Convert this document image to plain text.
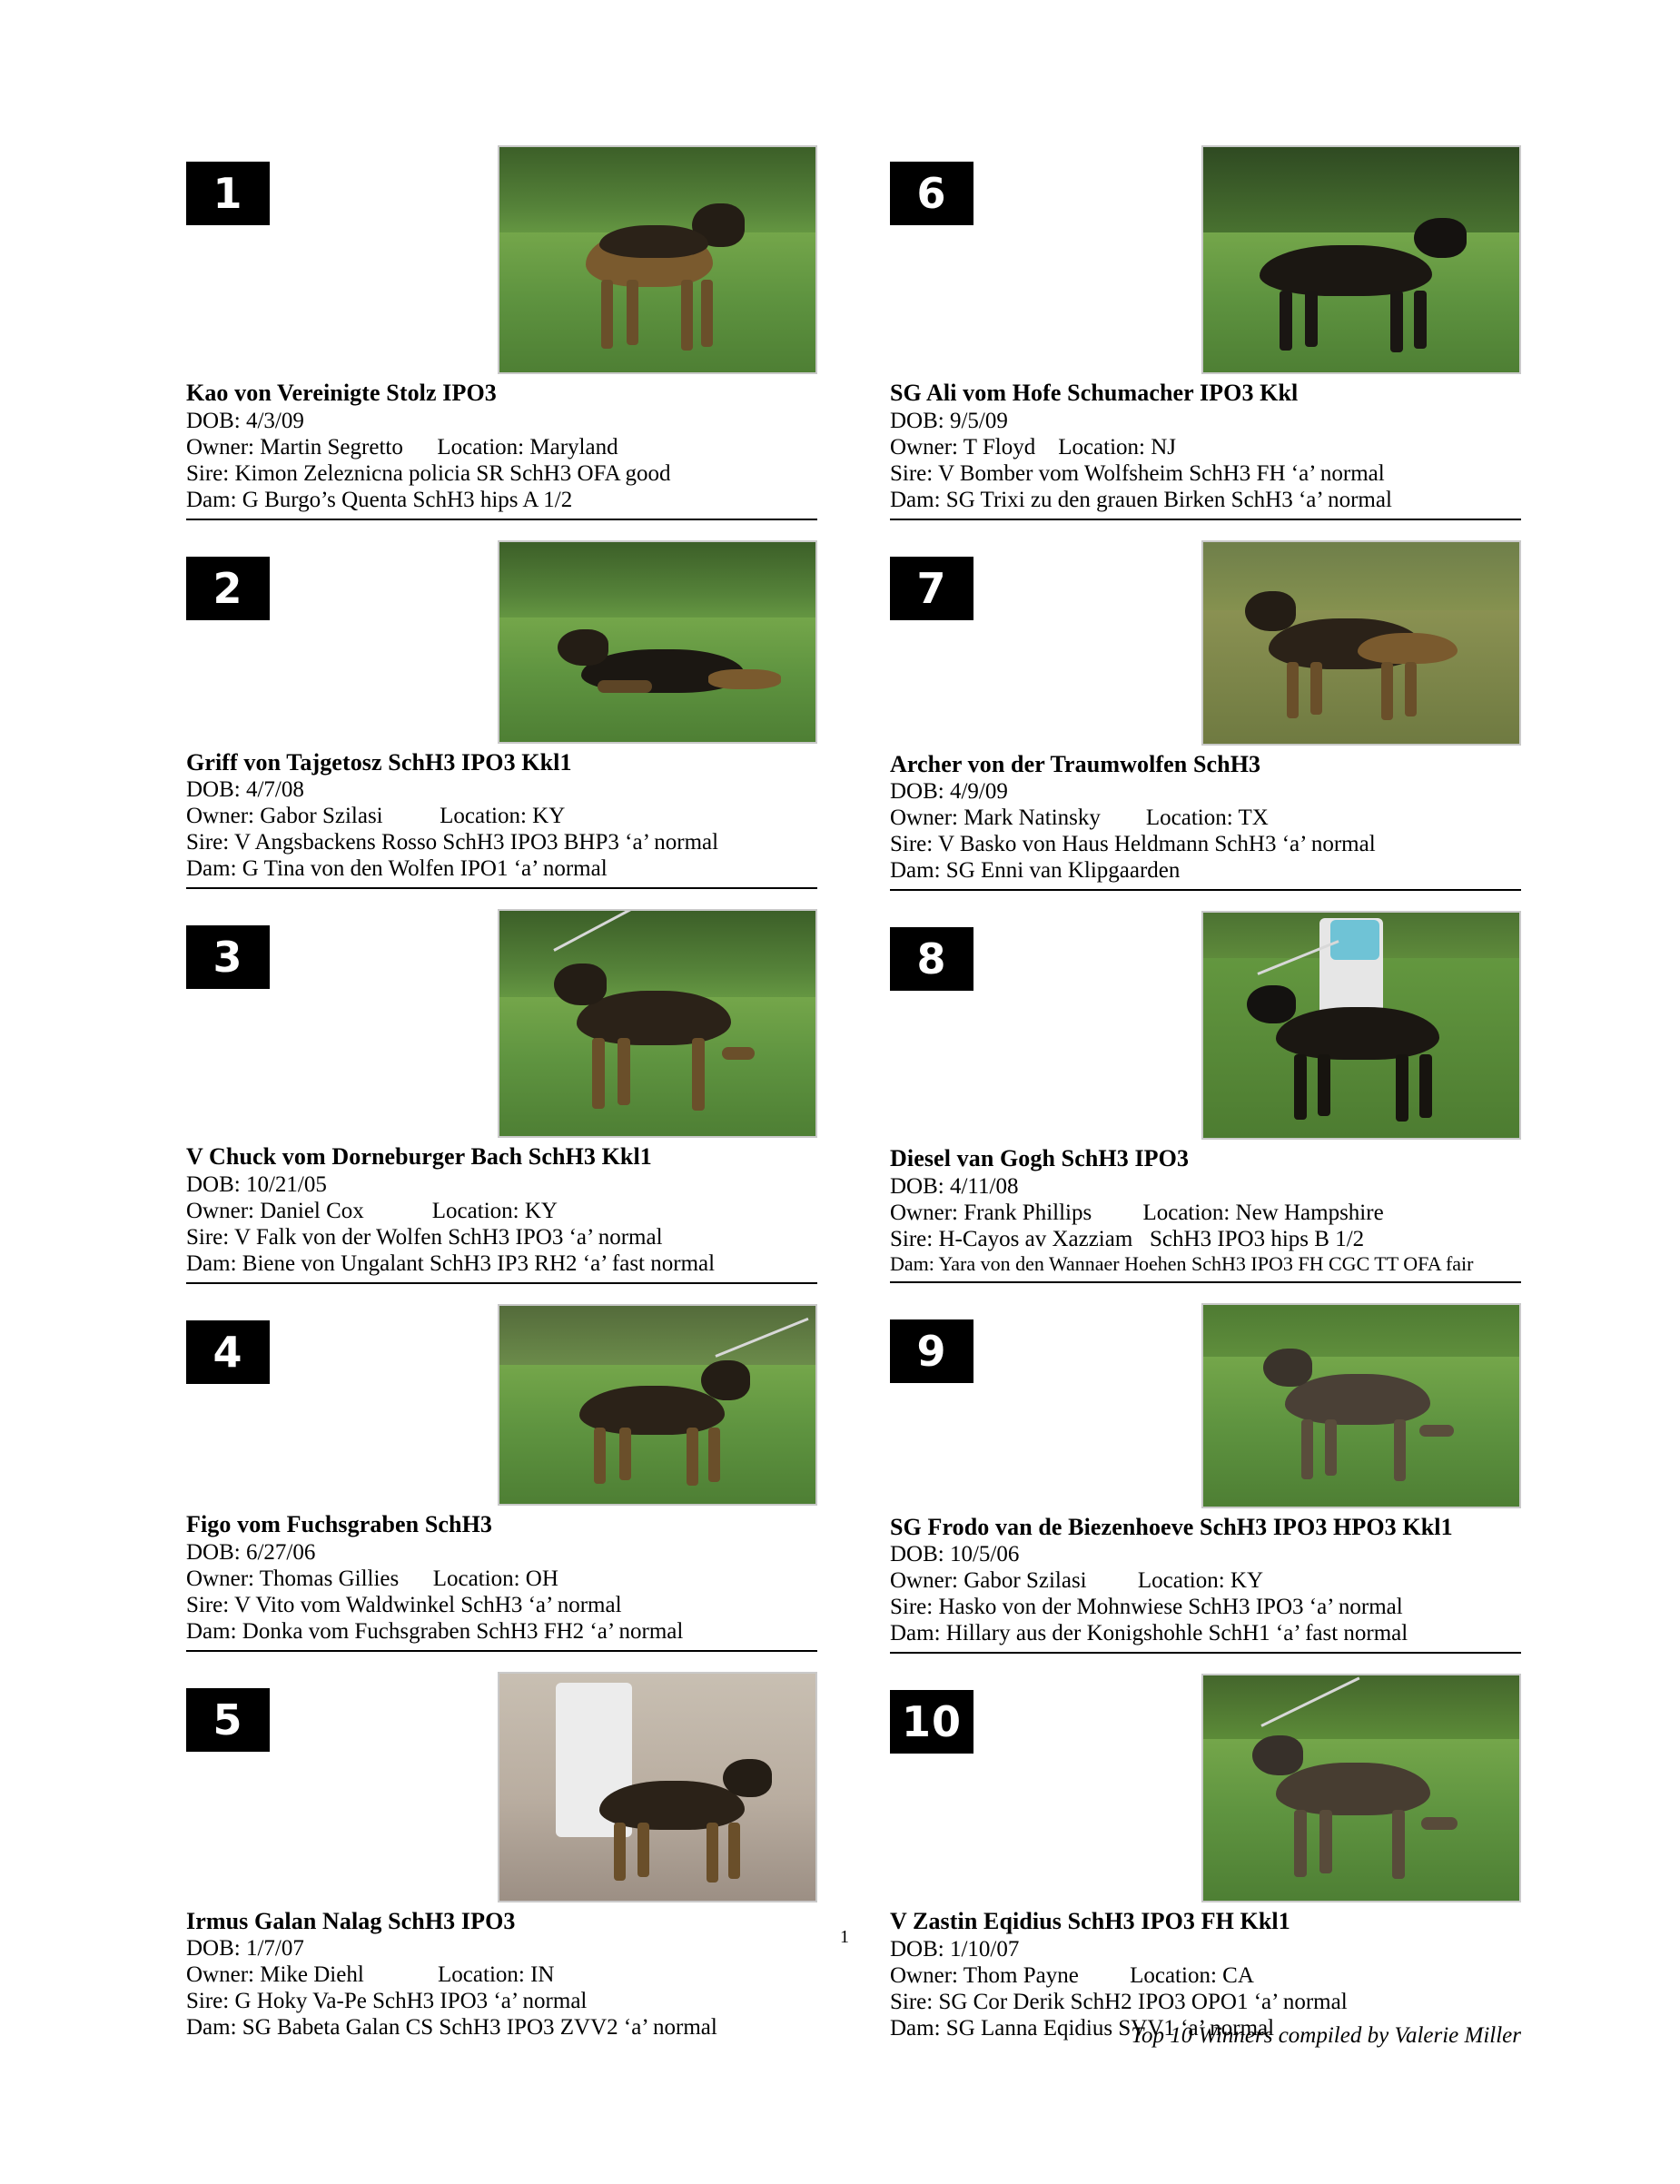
1
Kao von Vereinigte Stolz IPO3
DOB: 4/3/09
Owner: Martin Segretto      Location: Maryland
Sire: Kimon Zeleznicna policia SR SchH3 OFA good
Dam: G Burgo’s Quenta SchH3 hips A 1/2
2
Griff von Tajgetosz SchH3 IPO3 Kkl1
DOB: 4/7/08
Owner: Gabor Szilasi          Location: KY
Sire: V Angsbackens Rosso SchH3 IPO3 BHP3 ‘a’ normal
Dam: G Tina von den Wolfen IPO1 ‘a’ normal
3
V Chuck vom Dorneburger Bach SchH3 Kkl1
DOB: 10/21/05
Owner: Daniel Cox            Location: KY
Sire: V Falk von der Wolfen SchH3 IPO3 ‘a’ normal
Dam: Biene von Ungalant SchH3 IP3 RH2 ‘a’ fast normal
4
Figo vom Fuchsgraben SchH3
DOB: 6/27/06
Owner: Thomas Gillies      Location: OH
Sire: V Vito vom Waldwinkel SchH3 ‘a’ normal
Dam: Donka vom Fuchsgraben SchH3 FH2 ‘a’ normal
5
Irmus Galan Nalag SchH3 IPO3
DOB: 1/7/07
Owner: Mike Diehl             Location: IN
Sire: G Hoky Va-Pe SchH3 IPO3 ‘a’ normal
Dam: SG Babeta Galan CS SchH3 IPO3 ZVV2 ‘a’ normal
6
SG Ali vom Hofe Schumacher IPO3 Kkl
DOB: 9/5/09
Owner: T Floyd    Location: NJ
Sire: V Bomber vom Wolfsheim SchH3 FH ‘a’ normal
Dam: SG Trixi zu den grauen Birken SchH3 ‘a’ normal
7
Archer von der Traumwolfen SchH3
DOB: 4/9/09
Owner: Mark Natinsky        Location: TX
Sire: V Basko von Haus Heldmann SchH3 ‘a’ normal
Dam: SG Enni van Klipgaarden
8
Diesel van Gogh SchH3 IPO3
DOB: 4/11/08
Owner: Frank Phillips         Location: New Hampshire
Sire: H-Cayos av Xazziam   SchH3 IPO3 hips B 1/2
Dam: Yara von den Wannaer Hoehen SchH3 IPO3 FH CGC TT OFA fair
9
SG Frodo van de Biezenhoeve SchH3 IPO3 HPO3 Kkl1
DOB: 10/5/06
Owner: Gabor Szilasi         Location: KY
Sire: Hasko von der Mohnwiese SchH3 IPO3 ‘a’ normal
Dam: Hillary aus der Konigshohle SchH1 ‘a’ fast normal
10
V Zastin Eqidius SchH3 IPO3 FH Kkl1
DOB: 1/10/07
Owner: Thom Payne         Location: CA
Sire: SG Cor Derik SchH2 IPO3 OPO1 ‘a’ normal
Dam: SG Lanna Eqidius SVV1 ‘a’ normal
1
Top 10 Winners compiled by Valerie Miller
